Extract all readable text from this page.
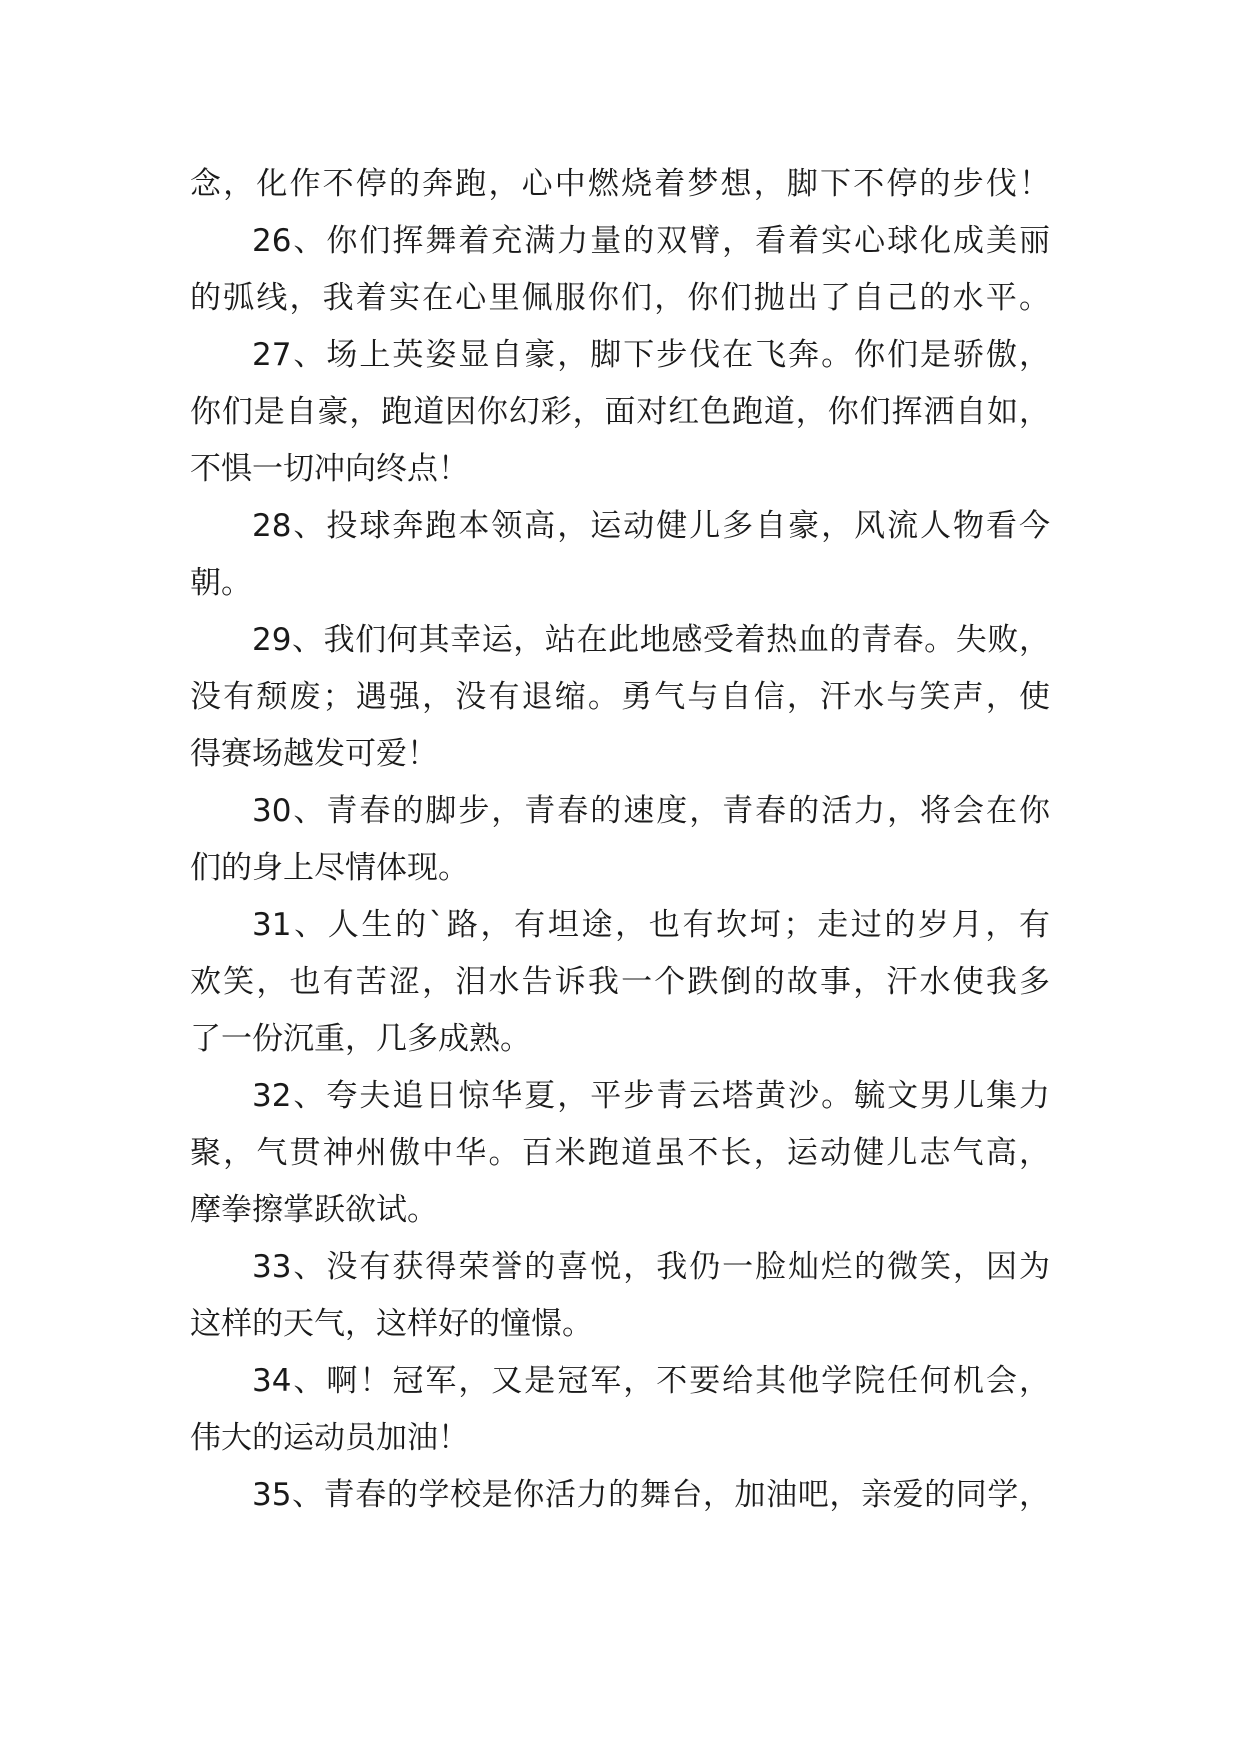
念，化作不停的奔跑，心中燃烧着梦想，脚下不停的步伐！
26、你们挥舞着充满力量的双臂，看着实心球化成美丽
的弧线，我着实在心里佩服你们，你们抛出了自己的水平。
27、场上英姿显自豪，脚下步伐在飞奔。你们是骄傲，
你们是自豪，跑道因你幻彩，面对红色跑道，你们挥洒自如，
不惧一切冲向终点！
28、投球奔跑本领高，运动健儿多自豪，风流人物看今
朝。
29、我们何其幸运，站在此地感受着热血的青春。失败，
没有颓废；遇强，没有退缩。勇气与自信，汗水与笑声，使
得赛场越发可爱！
30、青春的脚步，青春的速度，青春的活力，将会在你
们的身上尽情体现。
31、人生的`路，有坦途，也有坎坷；走过的岁月，有
欢笑，也有苦涩，泪水告诉我一个跌倒的故事，汗水使我多
了一份沉重，几多成熟。
32、夸夫追日惊华夏，平步青云塔黄沙。毓文男儿集力
聚，气贯神州傲中华。百米跑道虽不长，运动健儿志气高，
摩拳擦掌跃欲试。
33、没有获得荣誉的喜悦，我仍一脸灿烂的微笑，因为
这样的天气，这样好的憧憬。
34、啊！冠军，又是冠军，不要给其他学院任何机会，
伟大的运动员加油！
35、青春的学校是你活力的舞台，加油吧，亲爱的同学，
